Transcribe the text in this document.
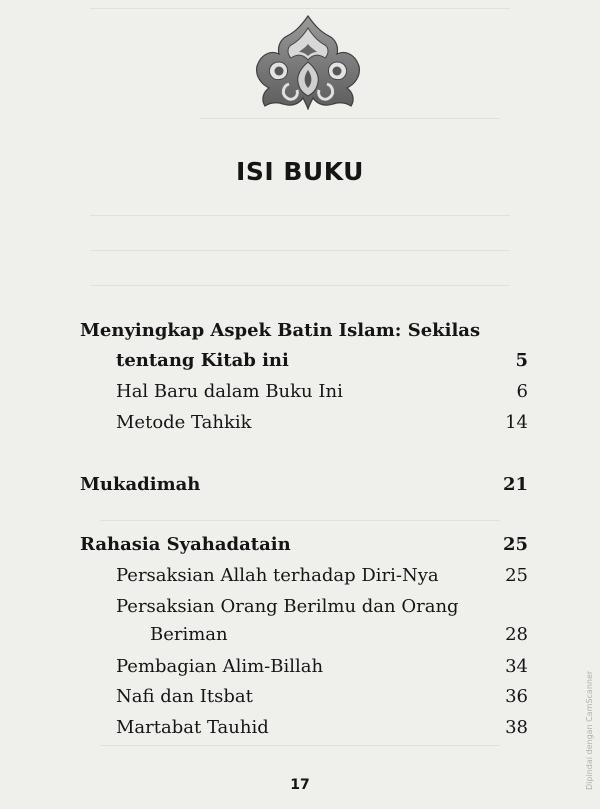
ISI BUKU
Menyingkap Aspek Batin Islam: Sekilas
tentang Kitab ini	5
Hal Baru dalam Buku Ini	6
Metode Tahkik	14
Mukadimah	21
Rahasia Syahadatain	25
Persaksian Allah terhadap Diri-Nya	25
Persaksian Orang Berilmu dan Orang
Beriman	28
Pembagian Alim-Billah	34
Nafi dan Itsbat	36
Martabat Tauhid	38
17	Dipindai dengan CamScanner
